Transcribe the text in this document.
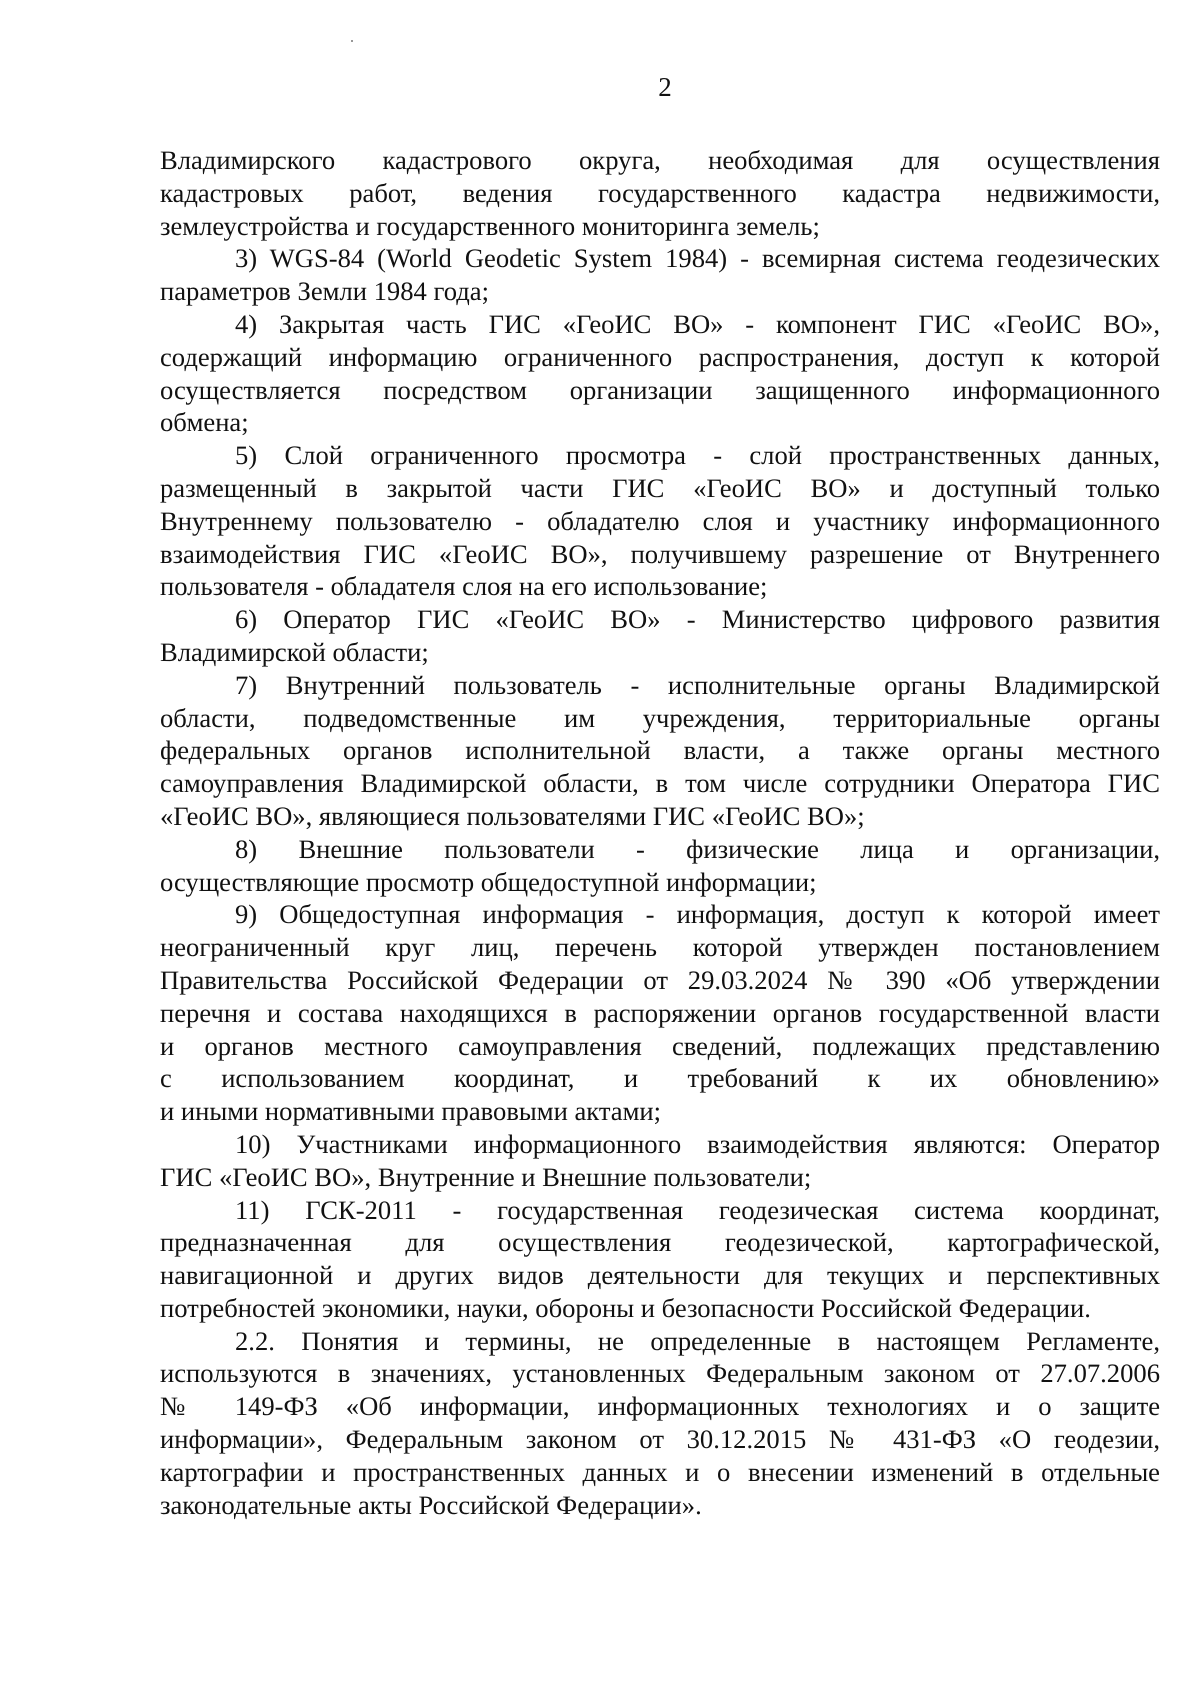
2
Владимирского кадастрового округа, необходимая для осуществления
кадастровых работ, ведения государственного кадастра недвижимости,
землеустройства и государственного мониторинга земель;
3) WGS-84 (World Geodetic System 1984) - всемирная система геодезических
параметров Земли 1984 года;
4) Закрытая часть ГИС «ГеоИС ВО» - компонент ГИС «ГеоИС ВО»,
содержащий информацию ограниченного распространения, доступ к которой
осуществляется посредством организации защищенного информационного
обмена;
5) Слой ограниченного просмотра - слой пространственных данных,
размещенный в закрытой части ГИС «ГеоИС ВО» и доступный только
Внутреннему пользователю - обладателю слоя и участнику информационного
взаимодействия ГИС «ГеоИС ВО», получившему разрешение от Внутреннего
пользователя - обладателя слоя на его использование;
6) Оператор ГИС «ГеоИС ВО» - Министерство цифрового развития
Владимирской области;
7) Внутренний пользователь - исполнительные органы Владимирской
области, подведомственные им учреждения, территориальные органы
федеральных органов исполнительной власти, а также органы местного
самоуправления Владимирской области, в том числе сотрудники Оператора ГИС
«ГеоИС ВО», являющиеся пользователями ГИС «ГеоИС ВО»;
8) Внешние пользователи - физические лица и организации,
осуществляющие просмотр общедоступной информации;
9) Общедоступная информация - информация, доступ к которой имеет
неограниченный круг лиц, перечень которой утвержден постановлением
Правительства Российской Федерации от 29.03.2024 № 390 «Об утверждении
перечня и состава находящихся в распоряжении органов государственной власти
и органов местного самоуправления сведений, подлежащих представлению
с использованием координат, и требований к их обновлению»
и иными нормативными правовыми актами;
10) Участниками информационного взаимодействия являются: Оператор
ГИС «ГеоИС ВО», Внутренние и Внешние пользователи;
11) ГСК-2011 - государственная геодезическая система координат,
предназначенная для осуществления геодезической, картографической,
навигационной и других видов деятельности для текущих и перспективных
потребностей экономики, науки, обороны и безопасности Российской Федерации.
2.2. Понятия и термины, не определенные в настоящем Регламенте,
используются в значениях, установленных Федеральным законом от 27.07.2006
№ 149-ФЗ «Об информации, информационных технологиях и о защите
информации», Федеральным законом от 30.12.2015 № 431-ФЗ «О геодезии,
картографии и пространственных данных и о внесении изменений в отдельные
законодательные акты Российской Федерации».
